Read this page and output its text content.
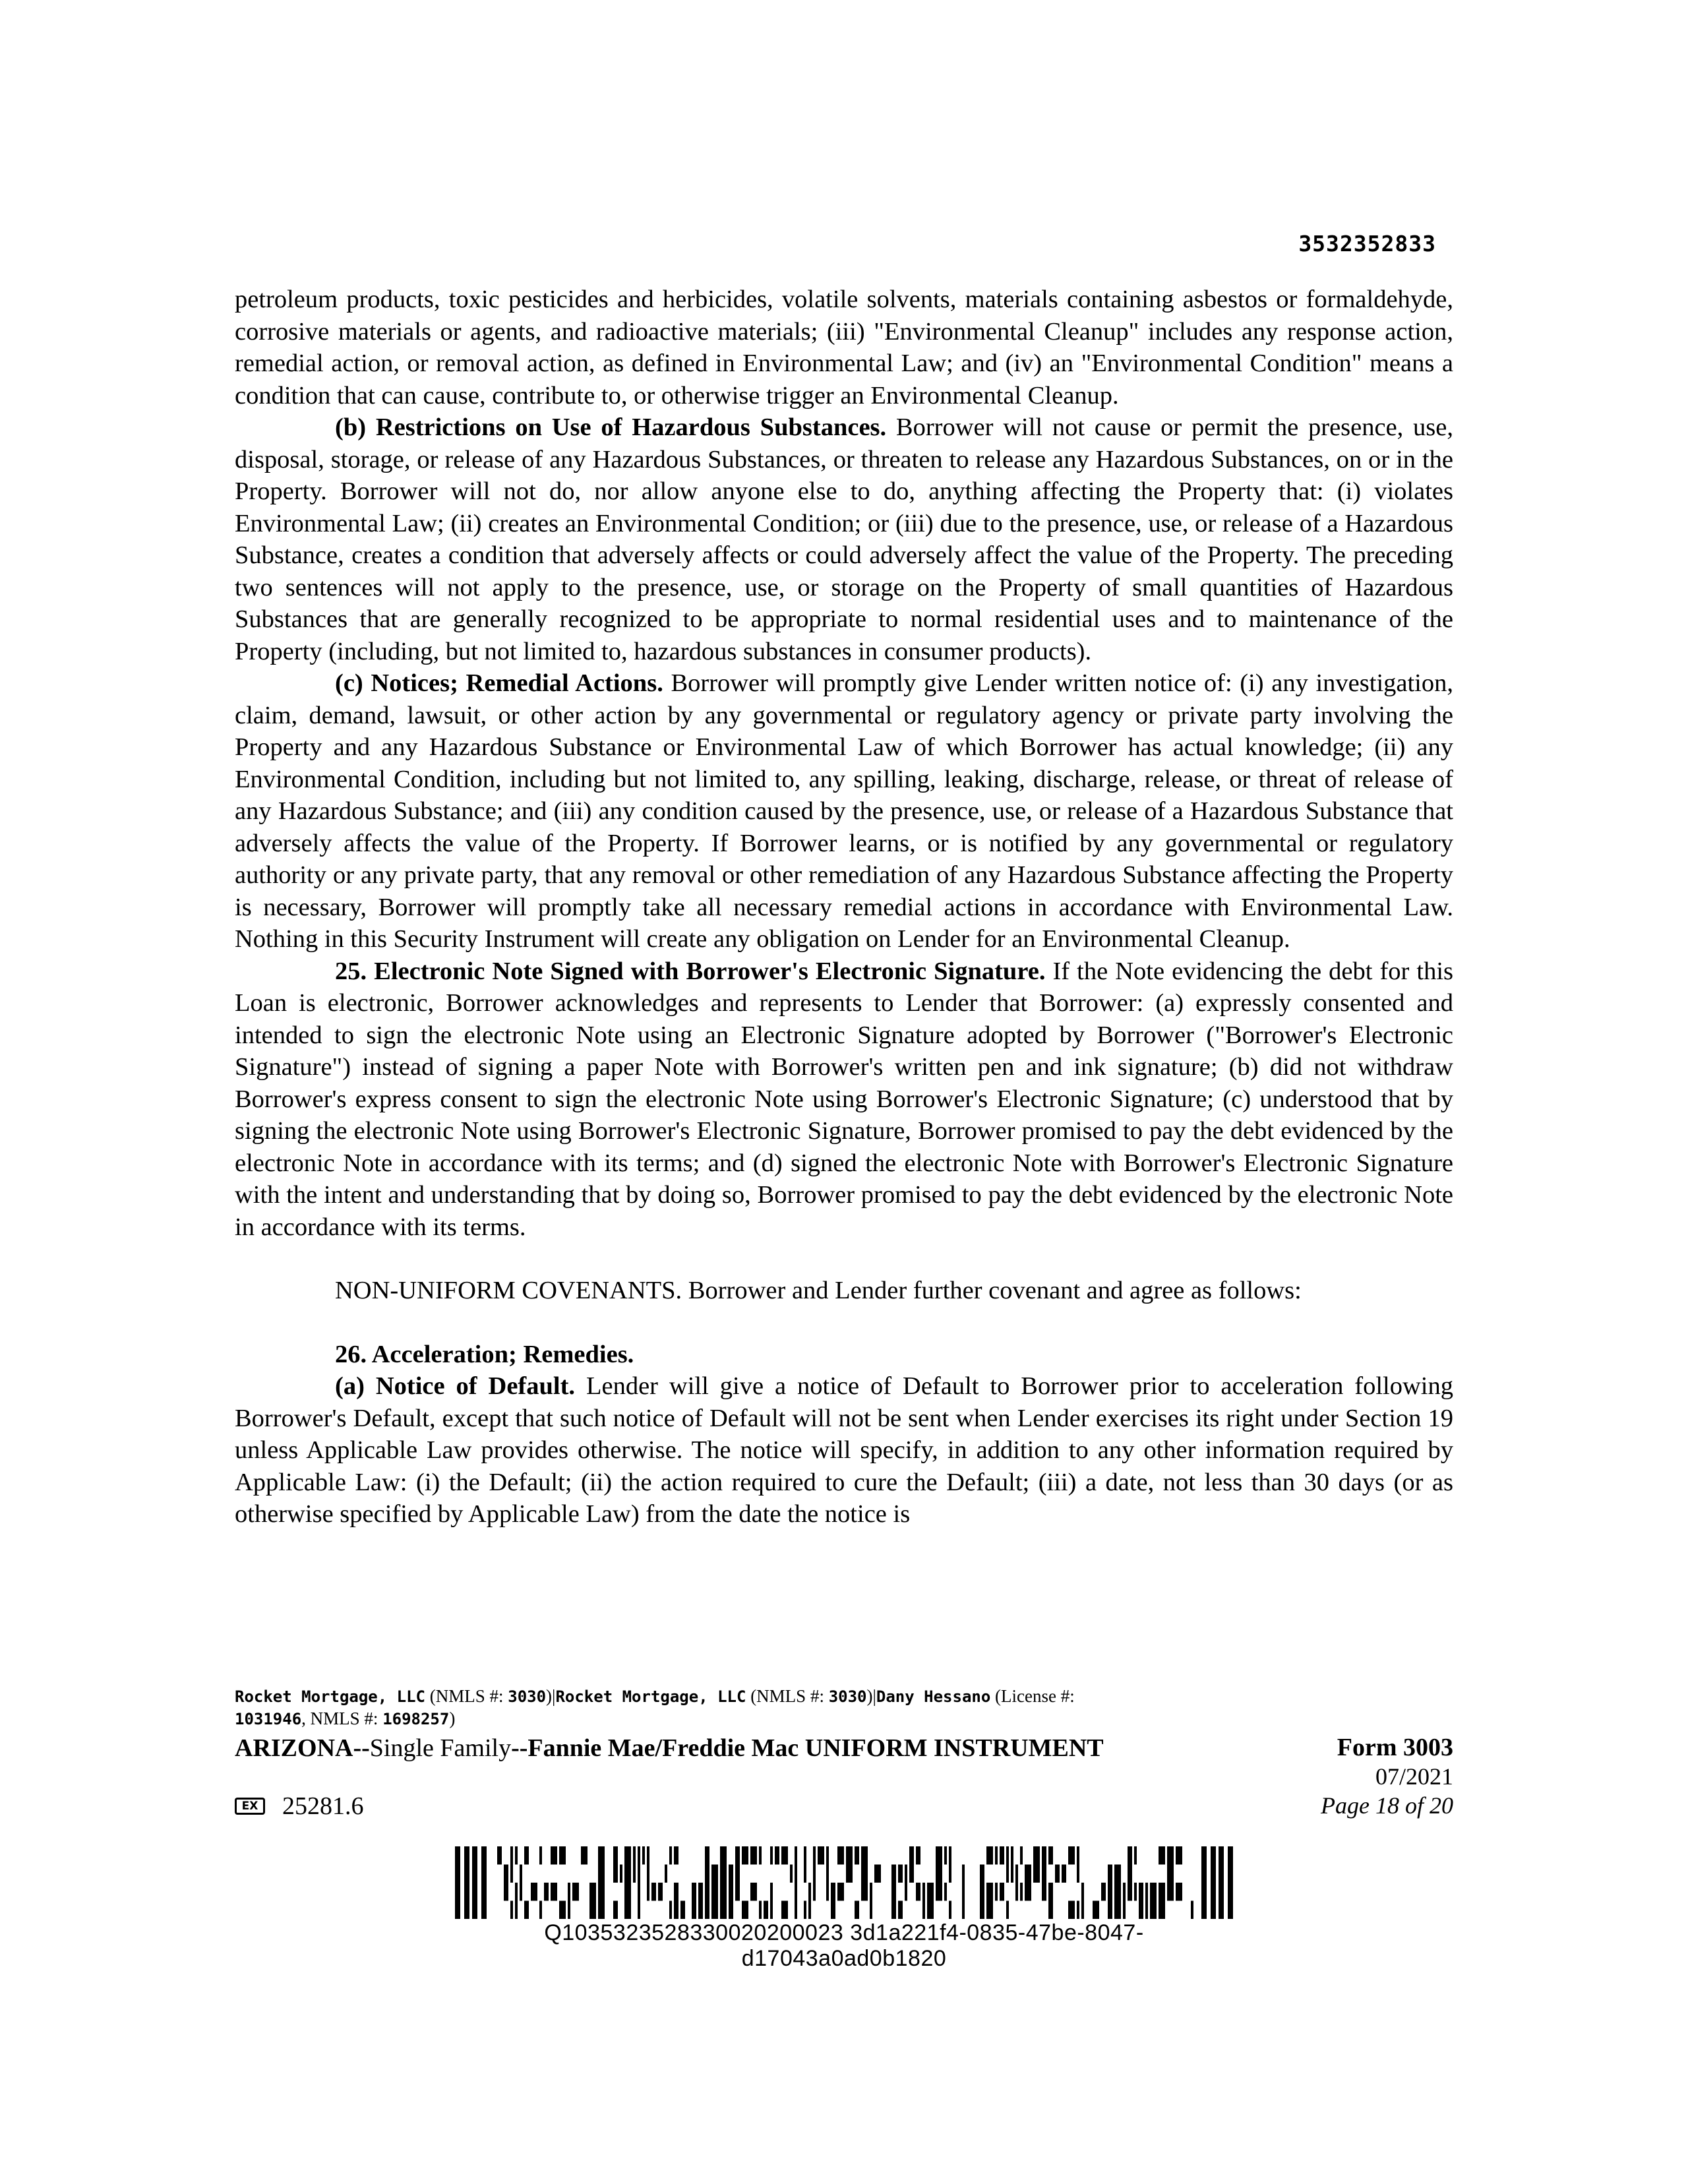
3532352833

petroleum products, toxic pesticides and herbicides, volatile solvents, materials containing asbestos or formaldehyde, corrosive materials or agents, and radioactive materials; (iii) "Environmental Cleanup" includes any response action, remedial action, or removal action, as defined in Environmental Law; and (iv) an "Environmental Condition" means a condition that can cause, contribute to, or otherwise trigger an Environmental Cleanup.

(b) Restrictions on Use of Hazardous Substances. Borrower will not cause or permit the presence, use, disposal, storage, or release of any Hazardous Substances, or threaten to release any Hazardous Substances, on or in the Property. Borrower will not do, nor allow anyone else to do, anything affecting the Property that: (i) violates Environmental Law; (ii) creates an Environmental Condition; or (iii) due to the presence, use, or release of a Hazardous Substance, creates a condition that adversely affects or could adversely affect the value of the Property. The preceding two sentences will not apply to the presence, use, or storage on the Property of small quantities of Hazardous Substances that are generally recognized to be appropriate to normal residential uses and to maintenance of the Property (including, but not limited to, hazardous substances in consumer products).

(c) Notices; Remedial Actions. Borrower will promptly give Lender written notice of: (i) any investigation, claim, demand, lawsuit, or other action by any governmental or regulatory agency or private party involving the Property and any Hazardous Substance or Environmental Law of which Borrower has actual knowledge; (ii) any Environmental Condition, including but not limited to, any spilling, leaking, discharge, release, or threat of release of any Hazardous Substance; and (iii) any condition caused by the presence, use, or release of a Hazardous Substance that adversely affects the value of the Property. If Borrower learns, or is notified by any governmental or regulatory authority or any private party, that any removal or other remediation of any Hazardous Substance affecting the Property is necessary, Borrower will promptly take all necessary remedial actions in accordance with Environmental Law. Nothing in this Security Instrument will create any obligation on Lender for an Environmental Cleanup.

25. Electronic Note Signed with Borrower's Electronic Signature. If the Note evidencing the debt for this Loan is electronic, Borrower acknowledges and represents to Lender that Borrower: (a) expressly consented and intended to sign the electronic Note using an Electronic Signature adopted by Borrower ("Borrower's Electronic Signature") instead of signing a paper Note with Borrower's written pen and ink signature; (b) did not withdraw Borrower's express consent to sign the electronic Note using Borrower's Electronic Signature; (c) understood that by signing the electronic Note using Borrower's Electronic Signature, Borrower promised to pay the debt evidenced by the electronic Note in accordance with its terms; and (d) signed the electronic Note with Borrower's Electronic Signature with the intent and understanding that by doing so, Borrower promised to pay the debt evidenced by the electronic Note in accordance with its terms.

NON-UNIFORM COVENANTS. Borrower and Lender further covenant and agree as follows:

26. Acceleration; Remedies.

(a) Notice of Default. Lender will give a notice of Default to Borrower prior to acceleration following Borrower's Default, except that such notice of Default will not be sent when Lender exercises its right under Section 19 unless Applicable Law provides otherwise. The notice will specify, in addition to any other information required by Applicable Law: (i) the Default; (ii) the action required to cure the Default; (iii) a date, not less than 30 days (or as otherwise specified by Applicable Law) from the date the notice is

Rocket Mortgage, LLC (NMLS #: 3030)|Rocket Mortgage, LLC (NMLS #: 3030)|Dany Hessano (License #:
1031946, NMLS #: 1698257)
ARIZONA--Single Family--Fannie Mae/Freddie Mac UNIFORM INSTRUMENT	Form 3003
07/2021
Page 18 of 20
EX 25281.6
Q1035323528330020200023 3d1a221f4-0835-47be-8047-d17043a0ad0b1820
